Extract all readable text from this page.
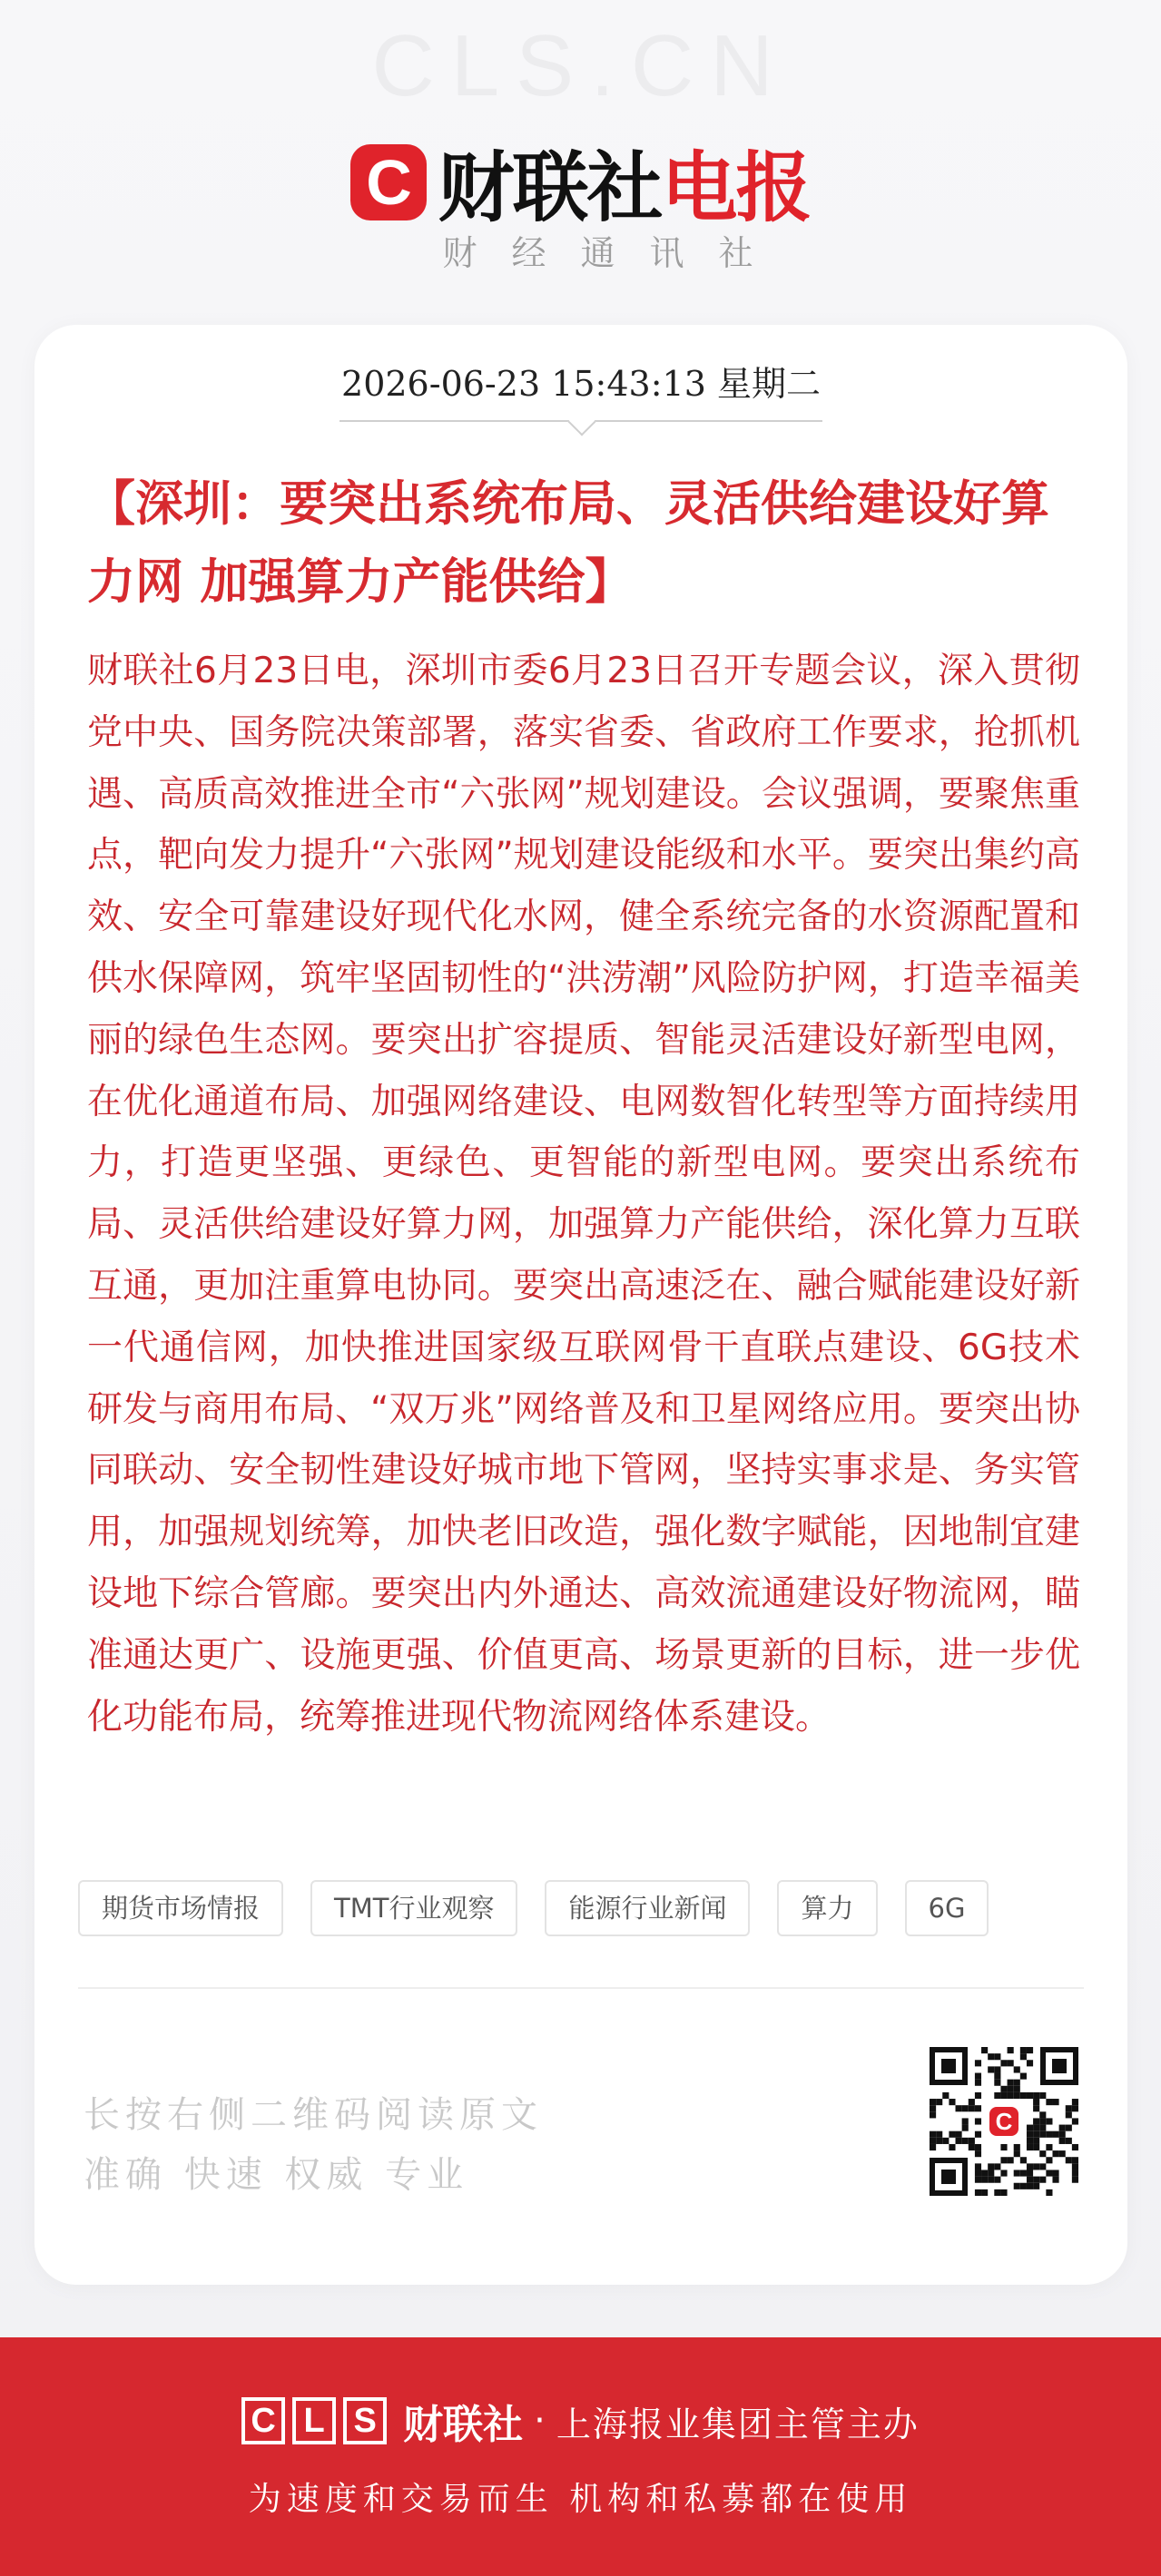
CLS.CN
C 财联社 电报
财经通讯社
2026-06-23 15:43:13 星期二
【深圳：要突出系统布局、灵活供给建设好算力网 加强算力产能供给】
财联社6月23日电，深圳市委6月23日召开专题会议，深入贯彻党中央、国务院决策部署，落实省委、省政府工作要求，抢抓机遇、高质高效推进全市“六张网”规划建设。会议强调，要聚焦重点，靶向发力提升“六张网”规划建设能级和水平。要突出集约高效、安全可靠建设好现代化水网，健全系统完备的水资源配置和供水保障网，筑牢坚固韧性的“洪涝潮”风险防护网，打造幸福美丽的绿色生态网。要突出扩容提质、智能灵活建设好新型电网，在优化通道布局、加强网络建设、电网数智化转型等方面持续用力，打造更坚强、更绿色、更智能的新型电网。要突出系统布局、灵活供给建设好算力网，加强算力产能供给，深化算力互联互通，更加注重算电协同。要突出高速泛在、融合赋能建设好新一代通信网，加快推进国家级互联网骨干直联点建设、6G技术研发与商用布局、“双万兆”网络普及和卫星网络应用。要突出协同联动、安全韧性建设好城市地下管网，坚持实事求是、务实管用，加强规划统筹，加快老旧改造，强化数字赋能，因地制宜建设地下综合管廊。要突出内外通达、高效流通建设好物流网，瞄准通达更广、设施更强、价值更高、场景更新的目标，进一步优化功能布局，统筹推进现代物流网络体系建设。
期货市场情报	TMT行业观察	能源行业新闻	算力	6G
长按右侧二维码阅读原文
准确 快速 权威 专业
C
C L S 财联社 · 上海报业集团主管主办
为速度和交易而生 机构和私募都在使用
